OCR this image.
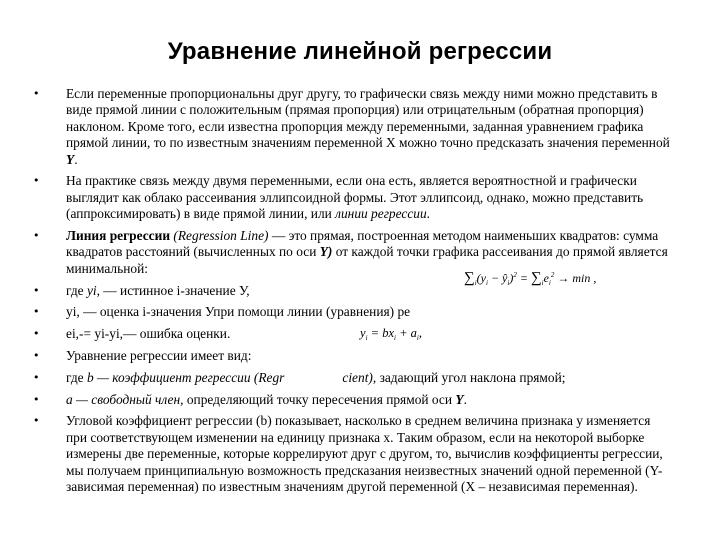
Уравнение линейной регрессии
• Если переменные пропорциональны друг другу, то графически связь между ними можно представить в виде прямой линии с положительным (прямая пропорция) или отрицательным (обратная пропорция) наклоном. Кроме того, если известна пропорция между переменными, заданная уравнением графика прямой линии, то по известным значениям переменной X можно точно предсказать значения переменной Y.
• На практике связь между двумя переменными, если она есть, является вероятностной и графически выглядит как облако рассеивания эллипсоидной формы. Этот эллипсоид, однако, можно представить (аппроксимировать) в виде прямой линии, или линии регрессии.
• Линия регрессии (Regression Line) — это прямая, построенная методом наименьших квадратов: сумма квадратов расстояний (вычисленных по оси Y) от каждой точки графика рассеивания до прямой является минимальной:
• где yi, — истинное i-значение У,
• yi, — оценка i-значения Упри помощи линии (уравнения) ре
• ei,-= yi-yi,— ошибка оценки.
• Уравнение регрессии имеет вид:
• где b — коэффициент регрессии (Regr	cient), задающий угол наклона прямой;
• a — свободный член, определяющий точку пересечения прямой оси Y.
• Угловой коэффициент регрессии (b) показывает, насколько в среднем величина признака y изменяется при соответствующем изменении на единицу признака x. Таким образом, если на некоторой выборке измерены две переменные, которые коррелируют друг с другом, то, вычислив коэффициенты регрессии, мы получаем принципиальную возможность предсказания неизвестных значений одной переменной (Y- зависимая переменная) по известным значениям другой переменной (X – независимая переменная).
$\sum_i(y_i$ − $ŷ_i)^2 = \sum_ie_i^2 \to \min$ ,
$y_i = bx_i + a_i$,
